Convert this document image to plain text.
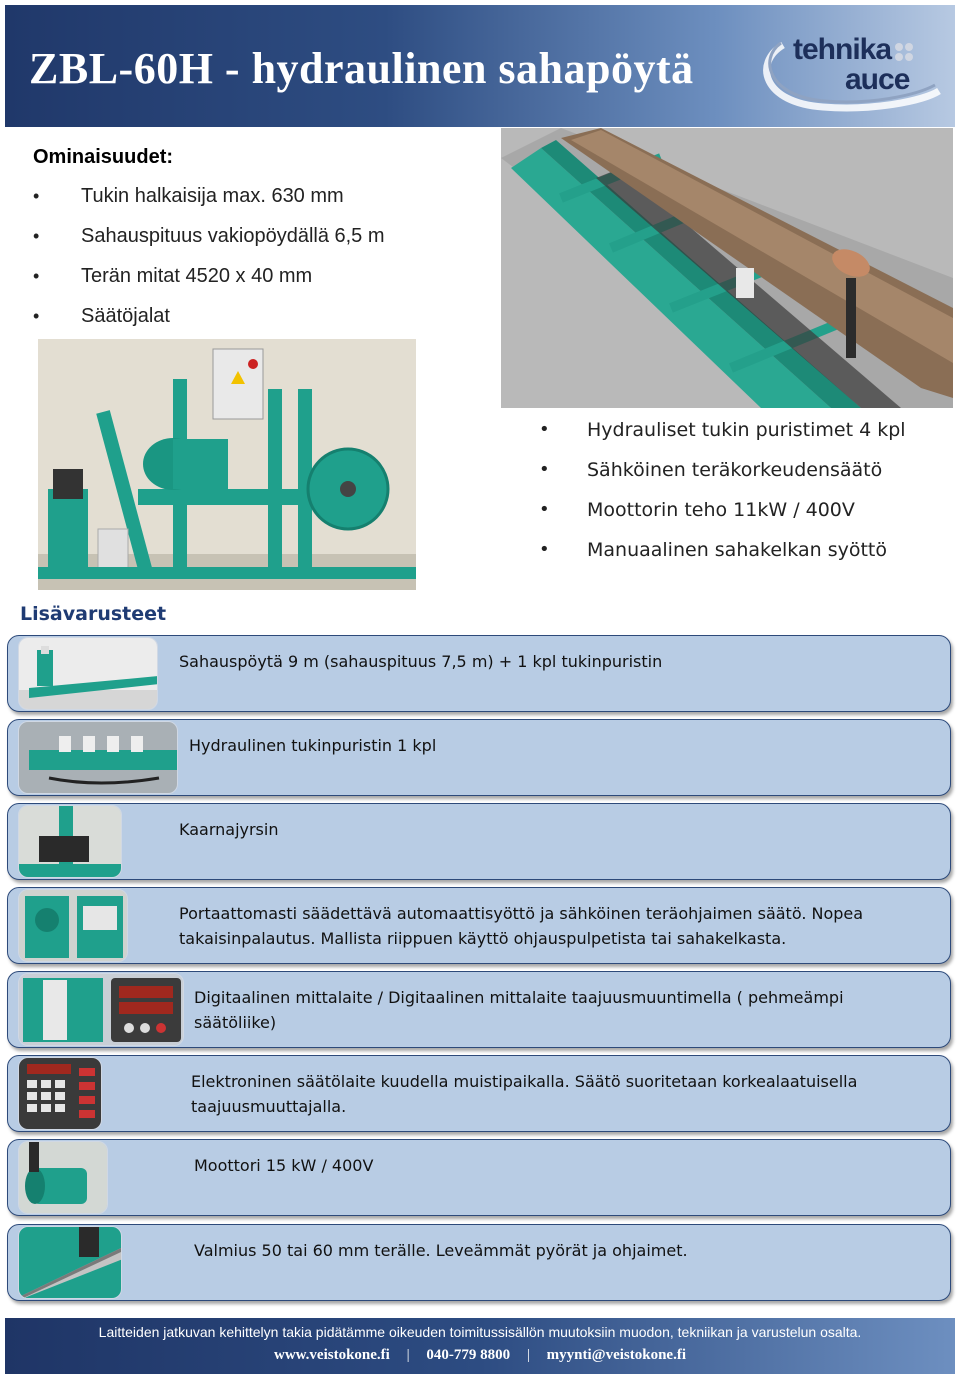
ZBL-60H - hydraulinen sahapöytä	tehnika
auce
Ominaisuudet:
• Tukin halkaisija max. 630 mm
• Sahauspituus vakiopöydällä 6,5 m
• Terän mitat 4520 x 40 mm
• Säätöjalat
• Hydrauliset tukin puristimet 4 kpl
• Sähköinen teräkorkeudensäätö
• Moottorin teho 11kW / 400V
• Manuaalinen sahakelkan syöttö
Lisävarusteet
Sahauspöytä 9 m (sahauspituus 7,5 m) + 1 kpl tukinpuristin
Hydraulinen tukinpuristin 1 kpl
Kaarnajyrsin
Portaattomasti säädettävä automaattisyöttö ja sähköinen teräohjaimen säätö. Nopea takaisinpalautus. Mallista riippuen käyttö ohjauspulpetista tai sahakelkasta.
Digitaalinen mittalaite / Digitaalinen mittalaite taajuusmuuntimella ( pehmeämpi säätöliike)
Elektroninen säätölaite kuudella muistipaikalla. Säätö suoritetaan korkealaatuisella taajuusmuuttajalla.
Moottori 15 kW / 400V
Valmius 50 tai 60 mm terälle. Leveämmät pyörät ja ohjaimet.
Laitteiden jatkuvan kehittelyn takia pidätämme oikeuden toimitussisällön muutoksiin muodon, tekniikan ja varustelun osalta.
www.veistokone.fi | 040-779 8800 | myynti@veistokone.fi
